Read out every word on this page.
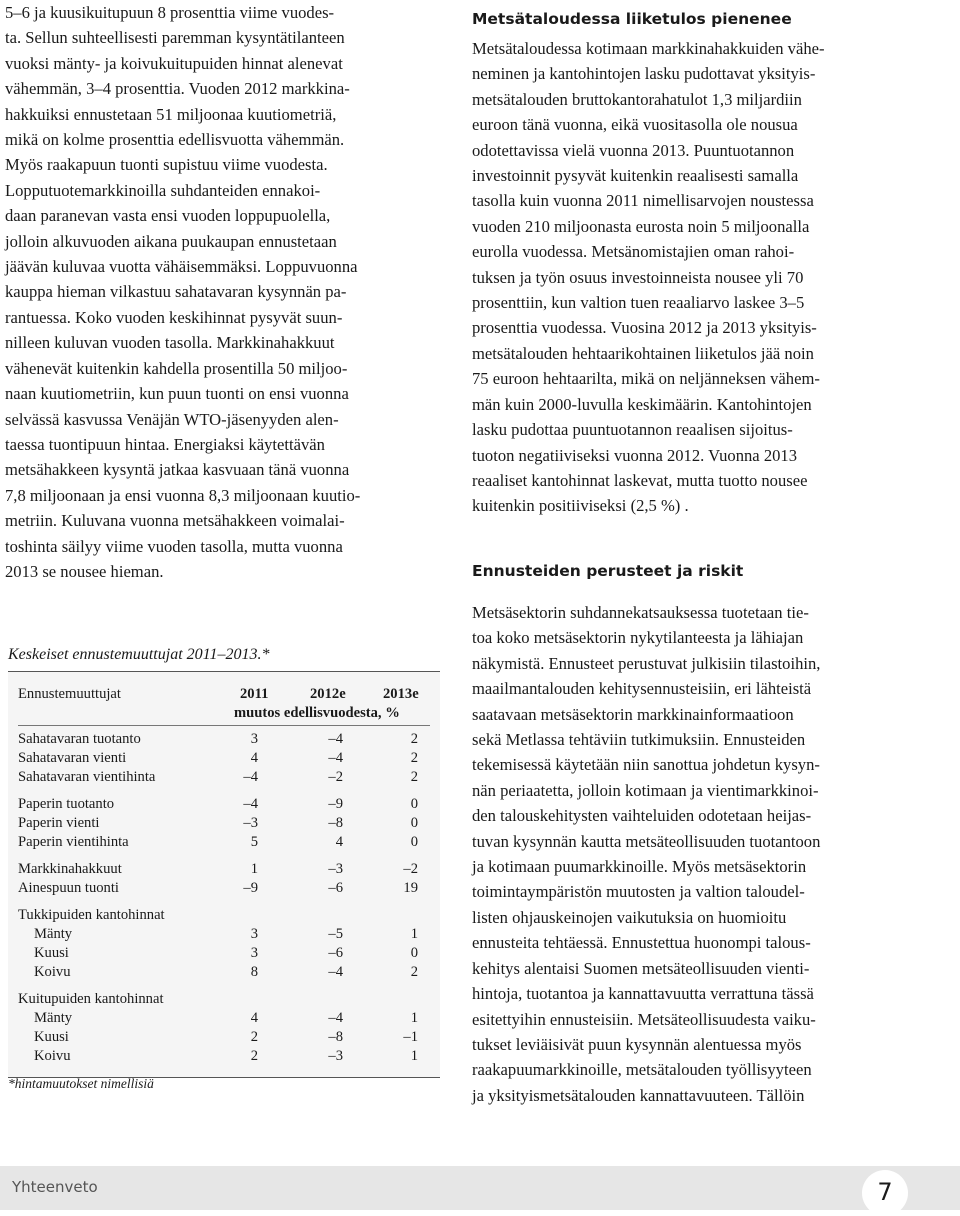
5–6 ja kuusikuitupuun 8 prosenttia viime vuodes-
ta. Sellun suhteellisesti paremman kysyntätilanteen
vuoksi mänty- ja koivukuitupuiden hinnat alenevat
vähemmän, 3–4 prosenttia. Vuoden 2012 markkina-
hakkuiksi ennustetaan 51 miljoonaa kuutiometriä,
mikä on kolme prosenttia edellisvuotta vähemmän.
Myös raakapuun tuonti supistuu viime vuodesta.
Lopputuotemarkkinoilla suhdanteiden ennakoi-
daan paranevan vasta ensi vuoden loppupuolella,
jolloin alkuvuoden aikana puukaupan ennustetaan
jäävän kuluvaa vuotta vähäisemmäksi. Loppuvuonna
kauppa hieman vilkastuu sahatavaran kysynnän pa-
rantuessa. Koko vuoden keskihinnat pysyvät suun-
nilleen kuluvan vuoden tasolla. Markkinahakkuut
vähenevät kuitenkin kahdella prosentilla 50 miljoo-
naan kuutiometriin, kun puun tuonti on ensi vuonna
selvässä kasvussa Venäjän WTO-jäsenyyden alen-
taessa tuontipuun hintaa. Energiaksi käytettävän
metsähakkeen kysyntä jatkaa kasvuaan tänä vuonna
7,8 miljoonaan ja ensi vuonna 8,3 miljoonaan kuutio-
metriin. Kuluvana vuonna metsähakkeen voimalai-
toshinta säilyy viime vuoden tasolla, mutta vuonna
2013 se nousee hieman.

Keskeiset ennustemuuttujat 2011–2013.*

Ennustemuuttujat	2011	2012e	2013e
muutos edellisvuodesta, %
Sahatavaran tuotanto	3	–4	2
Sahatavaran vienti	4	–4	2
Sahatavaran vientihinta	–4	–2	2
Paperin tuotanto	–4	–9	0
Paperin vienti	–3	–8	0
Paperin vientihinta	5	4	0
Markkinahakkuut	1	–3	–2
Ainespuun tuonti	–9	–6	19
Tukkipuiden kantohinnat
Mänty	3	–5	1
Kuusi	3	–6	0
Koivu	8	–4	2
Kuitupuiden kantohinnat
Mänty	4	–4	1
Kuusi	2	–8	–1
Koivu	2	–3	1

*hintamuutokset nimellisiä

Metsätaloudessa liiketulos pienenee

Metsätaloudessa kotimaan markkinahakkuiden vähe-
neminen ja kantohintojen lasku pudottavat yksityis-
metsätalouden bruttokantorahatulot 1,3 miljardiin
euroon tänä vuonna, eikä vuositasolla ole nousua
odotettavissa vielä vuonna 2013. Puuntuotannon
investoinnit pysyvät kuitenkin reaalisesti samalla
tasolla kuin vuonna 2011 nimellisarvojen noustessa
vuoden 210 miljoonasta eurosta noin 5 miljoonalla
eurolla vuodessa. Metsänomistajien oman rahoi-
tuksen ja työn osuus investoinneista nousee yli 70
prosenttiin, kun valtion tuen reaaliarvo laskee 3–5
prosenttia vuodessa. Vuosina 2012 ja 2013 yksityis-
metsätalouden hehtaarikohtainen liiketulos jää noin
75 euroon hehtaarilta, mikä on neljänneksen vähem-
män kuin 2000-luvulla keskimäärin. Kantohintojen
lasku pudottaa puuntuotannon reaalisen sijoitus-
tuoton negatiiviseksi vuonna 2012. Vuonna 2013
reaaliset kantohinnat laskevat, mutta tuotto nousee
kuitenkin positiiviseksi (2,5 %) .

Ennusteiden perusteet ja riskit

Metsäsektorin suhdannekatsauksessa tuotetaan tie-
toa koko metsäsektorin nykytilanteesta ja lähiajan
näkymistä. Ennusteet perustuvat julkisiin tilastoihin,
maailmantalouden kehitysennusteisiin, eri lähteistä
saatavaan metsäsektorin markkinainformaatioon
sekä Metlassa tehtäviin tutkimuksiin. Ennusteiden
tekemisessä käytetään niin sanottua johdetun kysyn-
nän periaatetta, jolloin kotimaan ja vientimarkkinoi-
den talouskehitysten vaihteluiden odotetaan heijas-
tuvan kysynnän kautta metsäteollisuuden tuotantoon
ja kotimaan puumarkkinoille. Myös metsäsektorin
toimintaympäristön muutosten ja valtion taloudel-
listen ohjauskeinojen vaikutuksia on huomioitu
ennusteita tehtäessä. Ennustettua huonompi talous-
kehitys alentaisi Suomen metsäteollisuuden vienti-
hintoja, tuotantoa ja kannattavuutta verrattuna tässä
esitettyihin ennusteisiin. Metsäteollisuudesta vaiku-
tukset leviäisivät puun kysynnän alentuessa myös
raakapuumarkkinoille, metsätalouden työllisyyteen
ja yksityismetsätalouden kannattavuuteen. Tällöin

Yhteenveto	7
